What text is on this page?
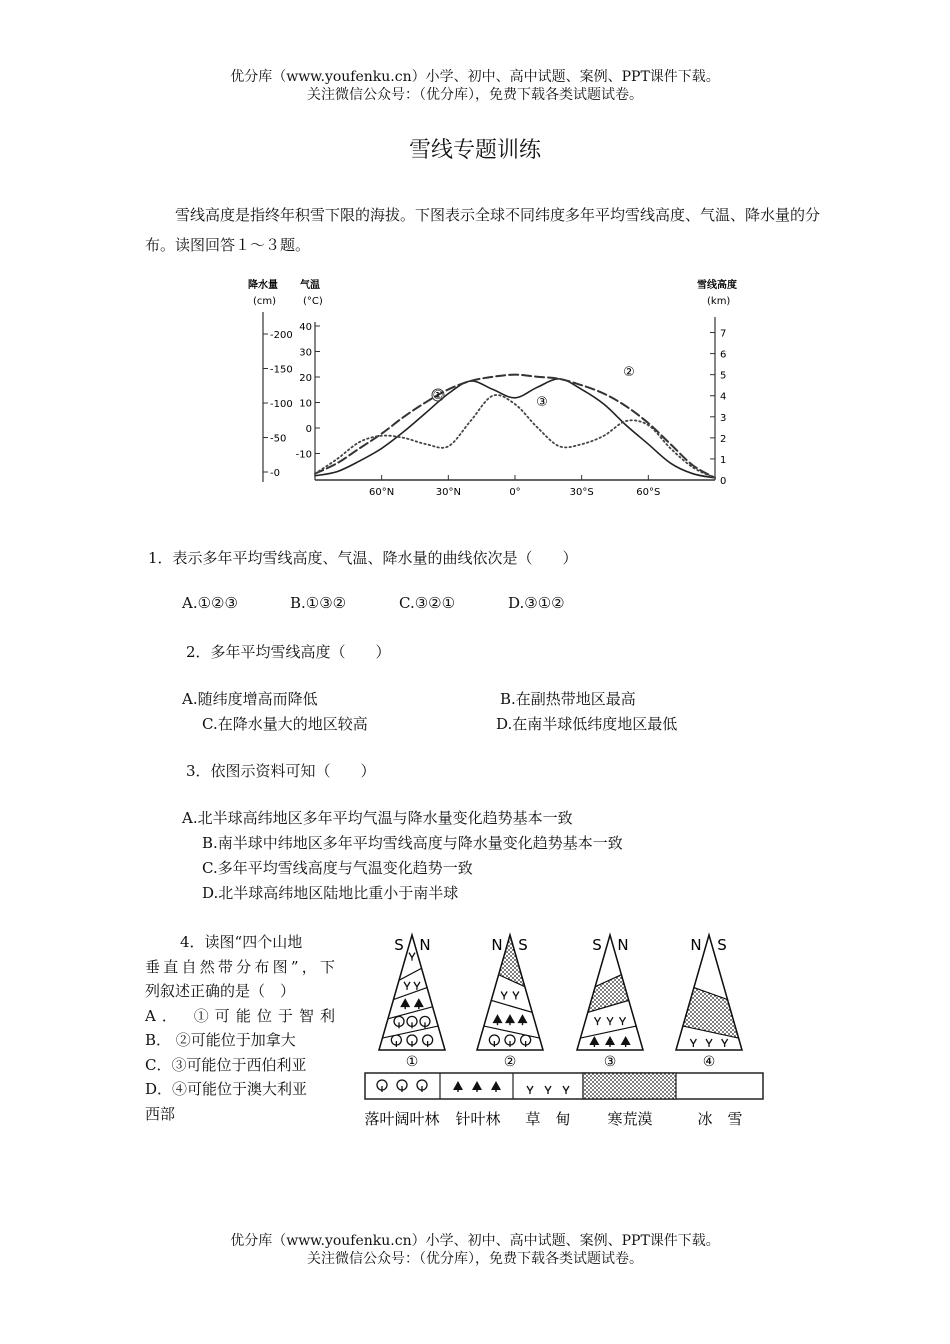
优分库（www.youfenku.cn）小学、初中、高中试题、案例、PPT课件下载。
关注微信公众号：（优分库），免费下载各类试题试卷。
雪线专题训练
雪线高度是指终年积雪下限的海拔。下图表示全球不同纬度多年平均雪线高度、气温、降水量的分布。读图回答１～３题。
降水量
(cm)
气温
(°C)
雪线高度
(km)
-200
-150
-100
-50
-0
40
30
20
10
0
-10
7
6
5
4
3
2
1
0
60°N	30°N	0°	30°S	60°S
①
②
③
1．表示多年平均雪线高度、气温、降水量的曲线依次是（　　）
A.①②③	B.①③②	C.③②①	D.③①②
2．多年平均雪线高度（　　）
A.随纬度增高而降低	B.在副热带地区最高
C.在降水量大的地区较高	D.在南半球低纬度地区最低
3．依图示资料可知（　　）
A.北半球高纬地区多年平均气温与降水量变化趋势基本一致
B.南半球中纬地区多年平均雪线高度与降水量变化趋势基本一致
C.多年平均雪线高度与气温变化趋势一致
D.北半球高纬地区陆地比重小于南半球
4．读图“四个山地
垂直自然带分布图”，下
列叙述正确的是（　）
A． ①可能位于智利
B． ②可能位于加拿大
C．③可能位于西伯利亚
D．④可能位于澳大利亚
西部
S N
①
N S
②
S N
③
N S
④
落叶阔叶林 针叶林 草　甸 寒荒漠	冰　雪
优分库（www.youfenku.cn）小学、初中、高中试题、案例、PPT课件下载。
关注微信公众号：（优分库），免费下载各类试题试卷。
